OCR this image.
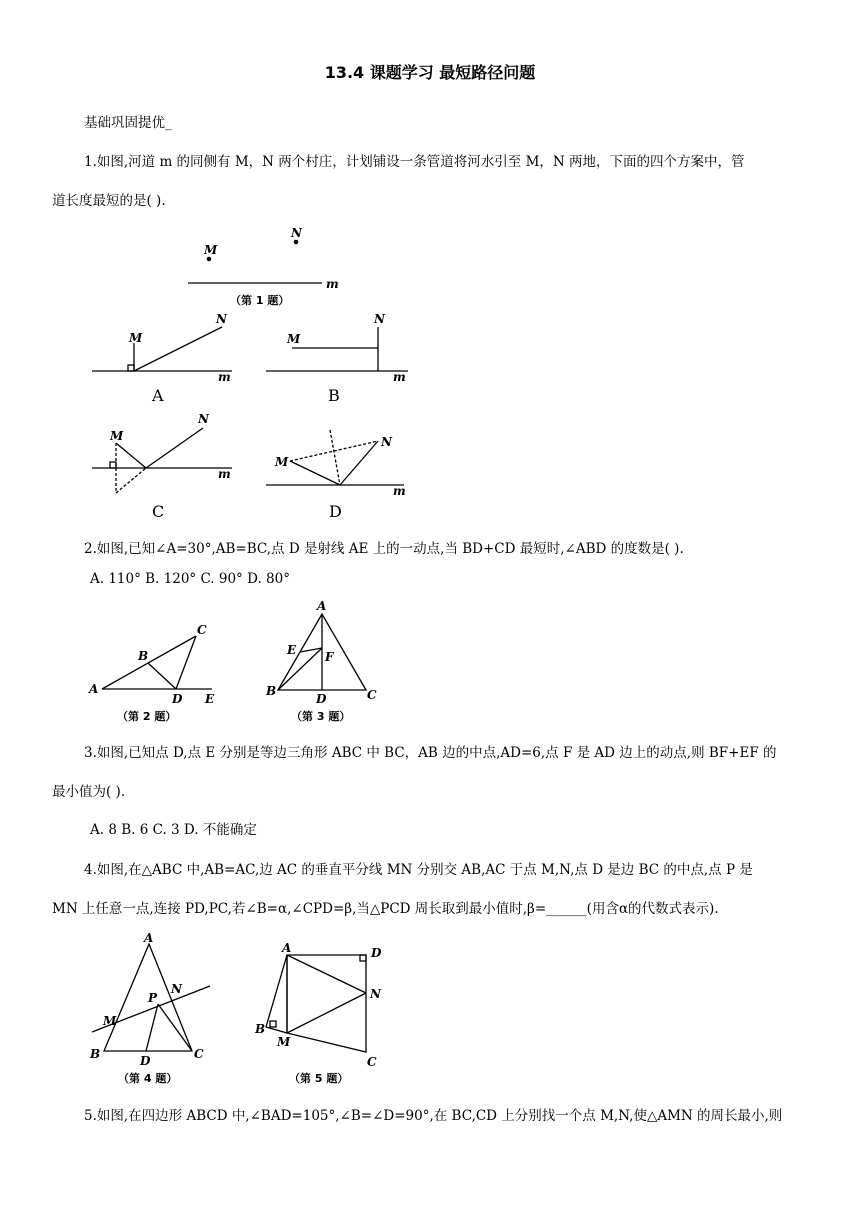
13.4 课题学习 最短路径问题
基础巩固提优_
1.如图,河道 m 的同侧有 M，N 两个村庄，计划铺设一条管道将河水引至 M，N 两地，下面的四个方案中，管
道长度最短的是( ).
2.如图,已知∠A=30°,AB=BC,点 D 是射线 AE 上的一动点,当 BD+CD 最短时,∠ABD 的度数是( ).
A. 110° B. 120° C. 90° D. 80°
3.如图,已知点 D,点 E 分别是等边三角形 ABC 中 BC，AB 边的中点,AD=6,点 F 是 AD 边上的动点,则 BF+EF 的
最小值为( ).
A. 8 B. 6 C. 3 D. 不能确定
4.如图,在△ABC 中,AB=AC,边 AC 的垂直平分线 MN 分别交 AB,AC 于点 M,N,点 D 是边 BC 的中点,点 P 是
MN 上任意一点,连接 PD,PC,若∠B=α,∠CPD=β,当△PCD 周长取到最小值时,β=______(用含α的代数式表示).
5.如图,在四边形 ABCD 中,∠BAD=105°,∠B=∠D=90°,在 BC,CD 上分别找一个点 M,N,使△AMN 的周长最小,则
M
N
m
（第 1 题）
M
N
m
A
M
N
m
B
M
N
m
C
M
N
m
D
A
B
C
D E
（第 2 题）
A
B	C
D
E F
（第 3 题）
A
B	C
D
M
N
P
（第 4 题）
A
B
C
D
M
N
（第 5 题）
